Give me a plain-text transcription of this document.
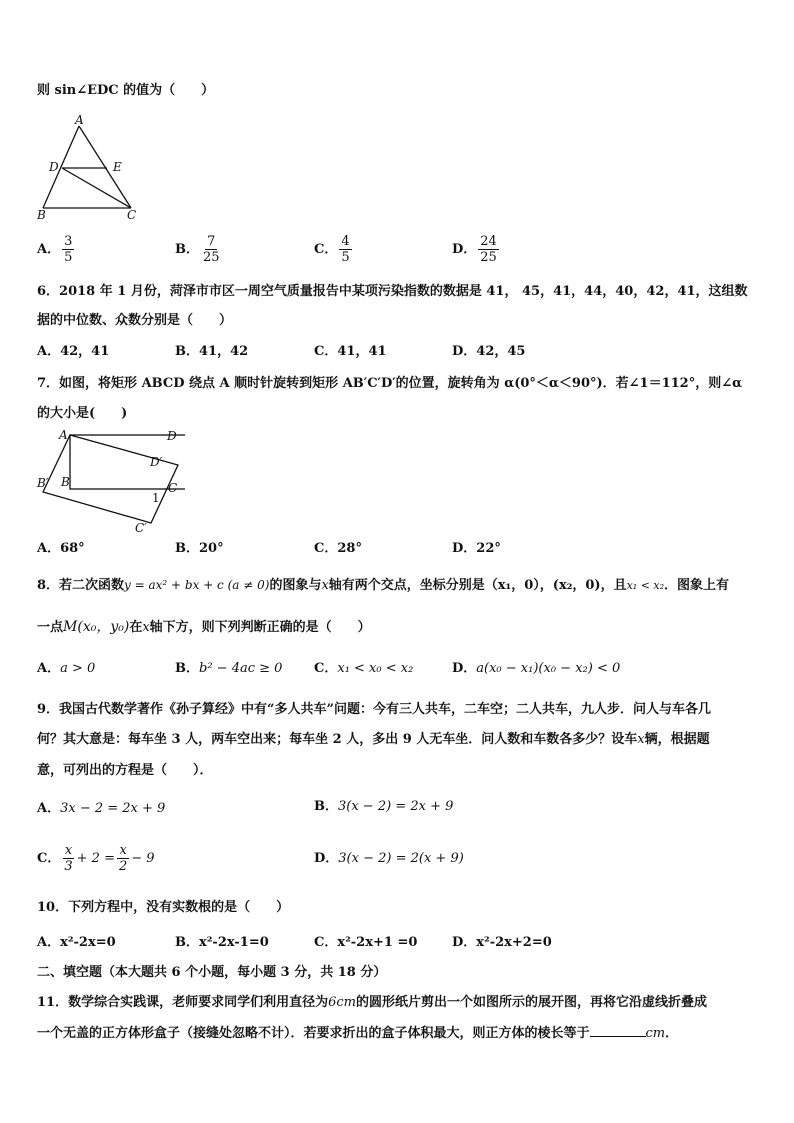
则 sin∠EDC 的值为（　　）
A
D	E
B	C
A． $\frac{3}{5}$	B． $\frac{7}{25}$	C． $\frac{4}{5}$	D． $\frac{24}{25}$
6．2018 年 1 月份，菏泽市市区一周空气质量报告中某项污染指数的数据是 41， 45，41，44，40，42，41，这组数
据的中位数、众数分别是（　　）
A．42，41	B．41，42	C．41，41	D．42，45
7．如图，将矩形 ABCD 绕点 A 顺时针旋转到矩形 AB′C′D′的位置，旋转角为 α(0°＜α＜90°)．若∠1＝112°，则∠α
的大小是(　　)
A	D
D′
B′ B	C
1
C′
A．68°	B．20°	C．28°	D．22°
8．若二次函数y = ax² + bx + c (a ≠ 0)的图象与x轴有两个交点，坐标分别是（x₁，0），(x₂，0)，且x₁ < x₂．图象上有
一点M(x₀，y₀)在x轴下方，则下列判断正确的是（　　）
A．a > 0	B．b² − 4ac ≥ 0 C．x₁ < x₀ < x₂	D．a(x₀ − x₁)(x₀ − x₂) < 0
9．我国古代数学著作《孙子算经》中有“多人共车”问题：今有三人共车，二车空；二人共车，九人步．问人与车各几
何？其大意是：每车坐 3 人，两车空出来；每车坐 2 人，多出 9 人无车坐．问人数和车数各多少？设车x辆，根据题
意，可列出的方程是（　　）．
A．3x − 2 = 2x + 9	B．3(x − 2) = 2x + 9
C． $\frac{x}{3} + 2 = \frac{x}{2} - 9$	D．3(x − 2) = 2(x + 9)
10．下列方程中，没有实数根的是（　　）
A．x²-2x=0	B．x²-2x-1=0	C．x²-2x+1 =0	D．x²-2x+2=0
二、填空题（本大题共 6 个小题，每小题 3 分，共 18 分）
11．数学综合实践课，老师要求同学们利用直径为6cm的圆形纸片剪出一个如图所示的展开图，再将它沿虚线折叠成
一个无盖的正方体形盒子（接缝处忽略不计）．若要求折出的盒子体积最大，则正方体的棱长等于	cm．
